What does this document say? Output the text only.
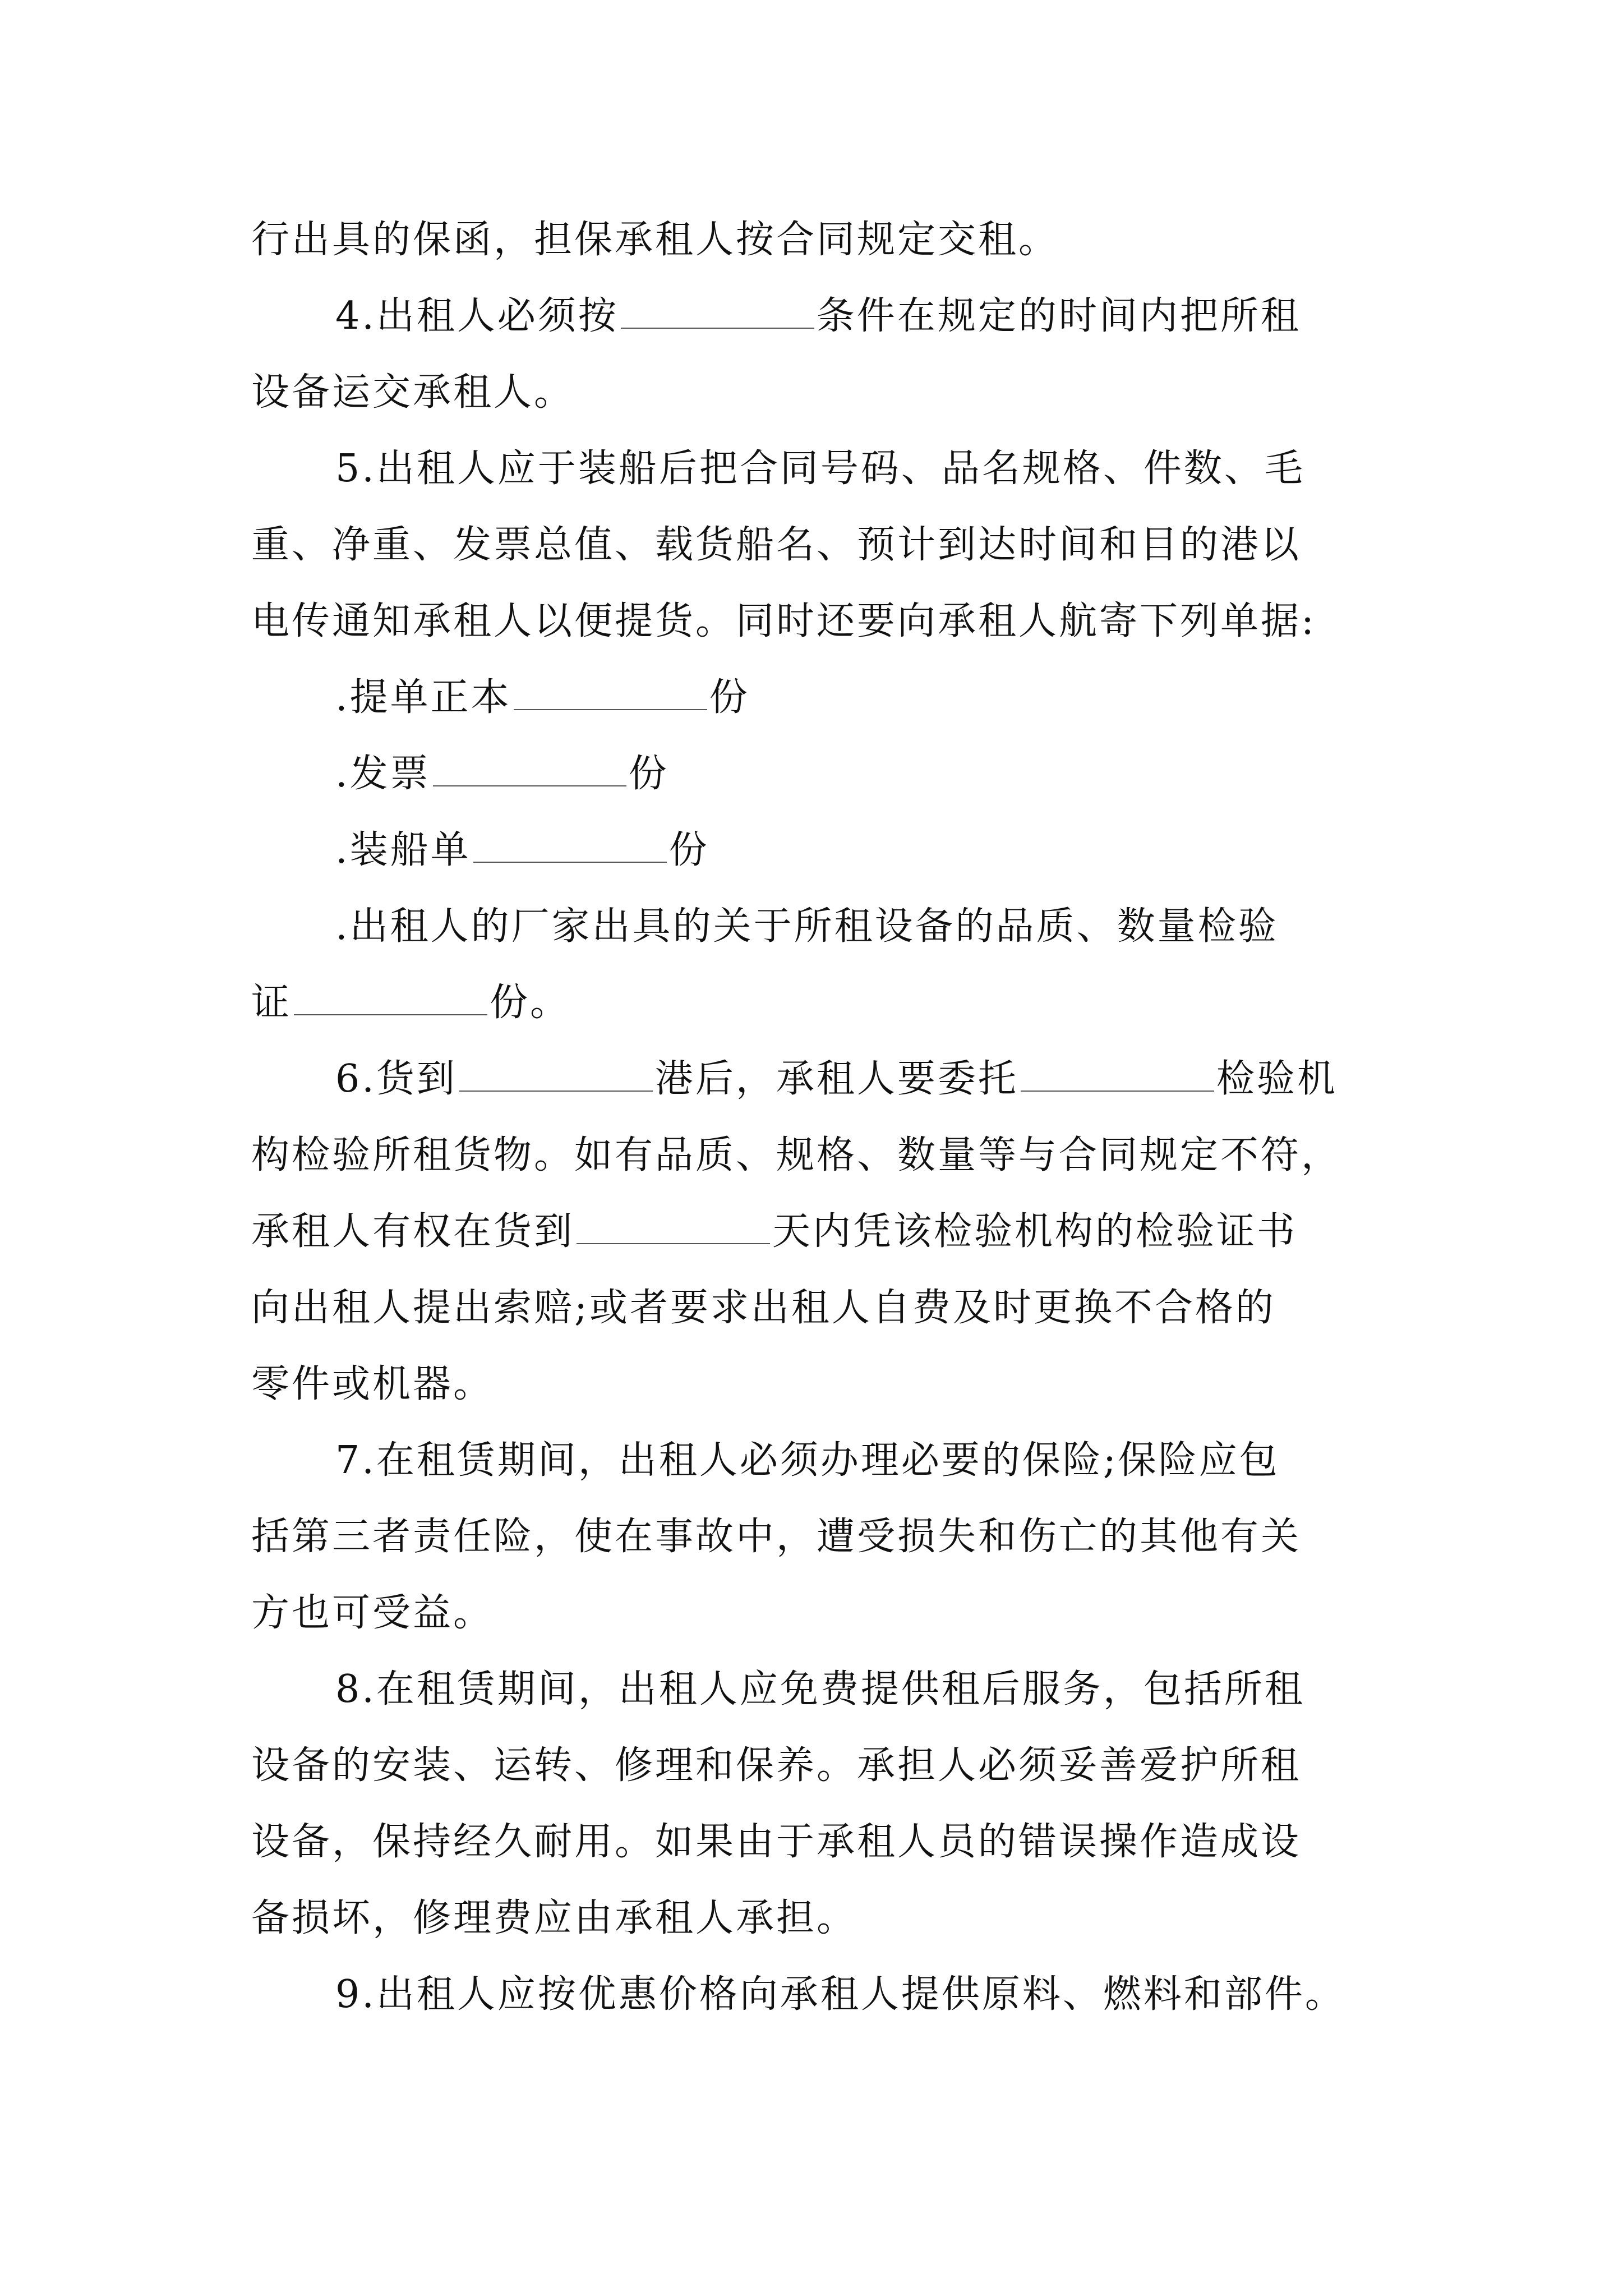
行出具的保函，担保承租人按合同规定交租。
4.出租人必须按	条件在规定的时间内把所租
设备运交承租人。
5.出租人应于装船后把合同号码、品名规格、件数、毛
重、净重、发票总值、载货船名、预计到达时间和目的港以
电传通知承租人以便提货。同时还要向承租人航寄下列单据:
.提单正本	份
.发票	份
.装船单	份
.出租人的厂家出具的关于所租设备的品质、数量检验
证	份。
6.货到	港后，承租人要委托	检验机
构检验所租货物。如有品质、规格、数量等与合同规定不符，
承租人有权在货到	天内凭该检验机构的检验证书
向出租人提出索赔;或者要求出租人自费及时更换不合格的
零件或机器。
7.在租赁期间，出租人必须办理必要的保险;保险应包
括第三者责任险，使在事故中，遭受损失和伤亡的其他有关
方也可受益。
8.在租赁期间，出租人应免费提供租后服务，包括所租
设备的安装、运转、修理和保养。承担人必须妥善爱护所租
设备，保持经久耐用。如果由于承租人员的错误操作造成设
备损坏，修理费应由承租人承担。
9.出租人应按优惠价格向承租人提供原料、燃料和部件。
